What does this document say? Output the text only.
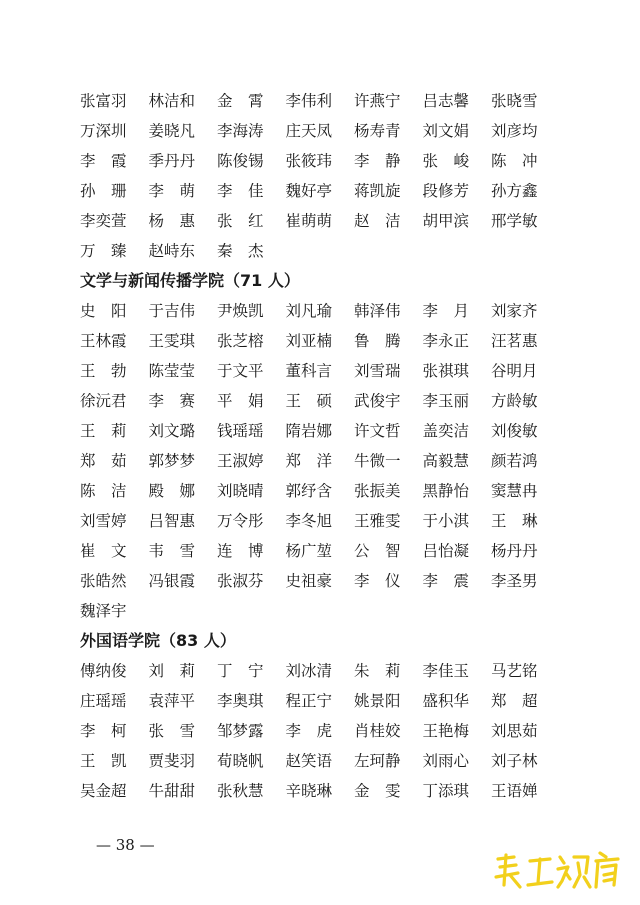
张富羽	林洁和	金　霄	李伟利	许燕宁	吕志馨	张晓雪
万深圳	姜晓凡	李海涛	庄天凤	杨寿青	刘文娟	刘彦均
李　霞	季丹丹	陈俊锡	张筱玮	李　静	张　峻	陈　冲
孙　珊	李　萌	李　佳	魏好亭	蒋凯旋	段修芳	孙方鑫
李奕萱	杨　惠	张　红	崔萌萌	赵　洁	胡甲滨	邢学敏
万　臻	赵峙东	秦　杰
文学与新闻传播学院（71 人）
史　阳	于吉伟	尹焕凯	刘凡瑜	韩泽伟	李　月	刘家齐
王林霞	王雯琪	张芝榕	刘亚楠	鲁　腾	李永正	汪茗惠
王　勃	陈莹莹	于文平	董科言	刘雪瑞	张祺琪	谷明月
徐沅君	李　赛	平　娟	王　硕	武俊宇	李玉丽	方龄敏
王　莉	刘文璐	钱瑶瑶	隋岩娜	许文哲	盖奕洁	刘俊敏
郑　茹	郭梦梦	王淑婷	郑　洋	牛微一	高毅慧	颜若鸿
陈　洁	殿　娜	刘晓晴	郭纾含	张振美	黑静怡	窦慧冉
刘雪婷	吕智惠	万令彤	李冬旭	王雅雯	于小淇	王　琳
崔　文	韦　雪	连　博	杨广堃	公　智	吕怡凝	杨丹丹
张皓然	冯银霞	张淑芬	史祖豪	李　仪	李　震	李圣男
魏泽宇
外国语学院（83 人）
傅纳俊	刘　莉	丁　宁	刘冰清	朱　莉	李佳玉	马艺铭
庄瑶瑶	袁萍平	李奥琪	程正宁	姚景阳	盛积华	郑　超
李　柯	张　雪	邹梦露	李　虎	肖桂姣	王艳梅	刘思茹
王　凯	贾斐羽	荀晓帆	赵笑语	左珂静	刘雨心	刘子林
吴金超	牛甜甜	张秋慧	辛晓琳	金　雯	丁添琪	王语婵
— 38 —
